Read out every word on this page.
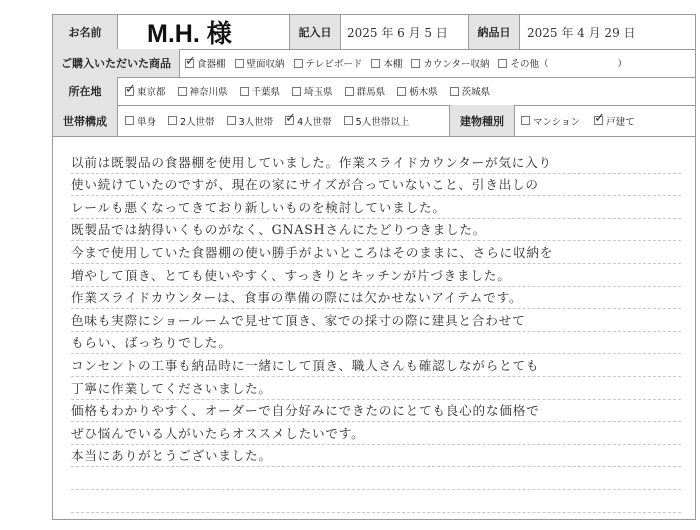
お名前	M.H. 様	記入日	2025 年 6 月 5 日	納品日	2025 年 4 月 29 日
ご購入いただいた商品 ✓	食器棚 壁面収納 テレビボード 本棚 カウンター収納 その他（	）
所在地 ✓	東京都	神奈川県	千葉県	埼玉県	群馬県	栃木県	茨城県
世帯構成	単身	2人世帯	3人世帯 ✓	4人世帯	5人世帯以上	建物種別	マンション ✓	戸建て
以前は既製品の食器棚を使用していました。作業スライドカウンターが気に入り
使い続けていたのですが、現在の家にサイズが合っていないこと、引き出しの
レールも悪くなってきており新しいものを検討していました。
既製品では納得いくものがなく、GNASHさんにたどりつきました。
今まで使用していた食器棚の使い勝手がよいところはそのままに、さらに収納を
増やして頂き、とても使いやすく、すっきりとキッチンが片づきました。
作業スライドカウンターは、食事の準備の際には欠かせないアイテムです。
色味も実際にショールームで見せて頂き、家での採寸の際に建具と合わせて
もらい、ばっちりでした。
コンセントの工事も納品時に一緒にして頂き、職人さんも確認しながらとても
丁寧に作業してくださいました。
価格もわかりやすく、オーダーで自分好みにできたのにとても良心的な価格で
ぜひ悩んでいる人がいたらオススメしたいです。
本当にありがとうございました。
